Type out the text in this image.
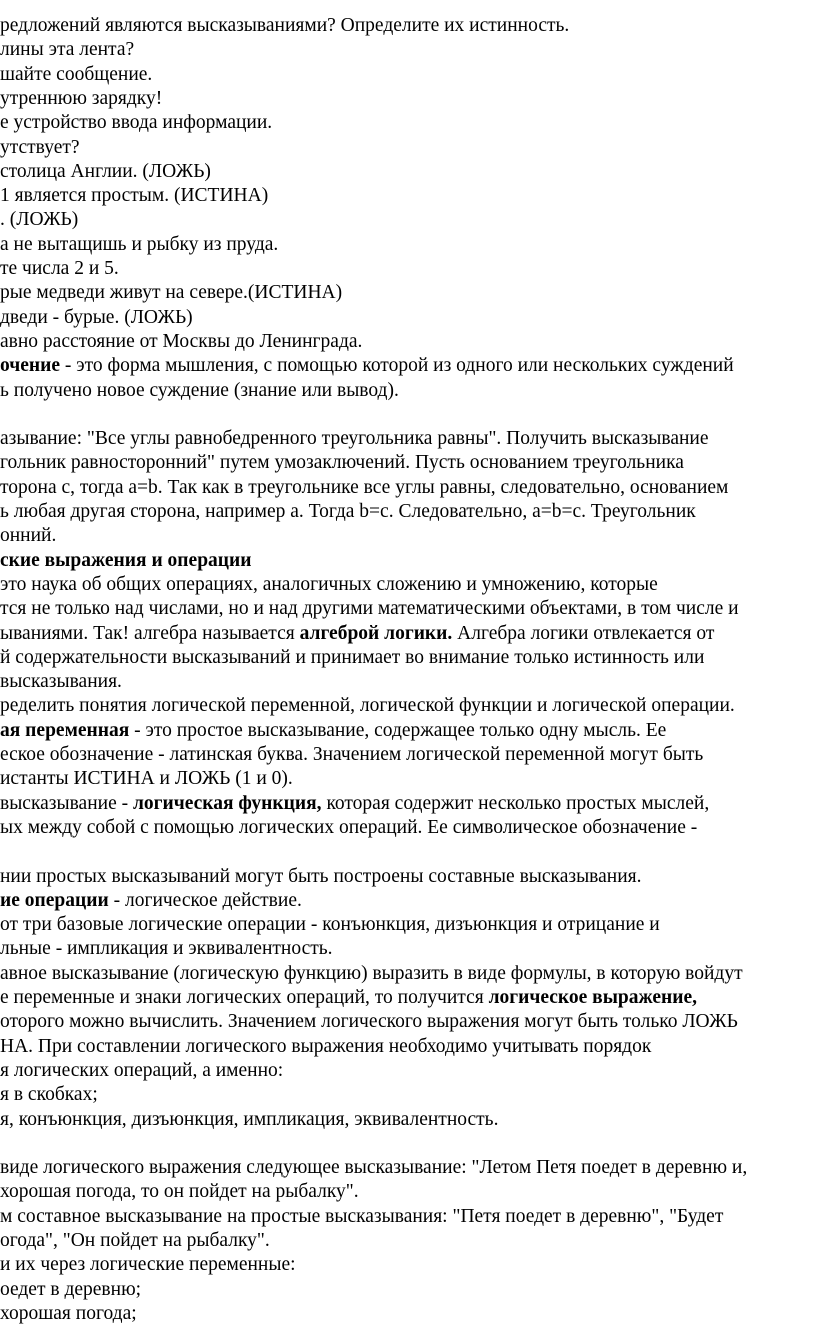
редложений являются высказываниями? Определите их истинность.
лины эта лента?
шайте сообщение.
утреннюю зарядку!
е устройство ввода информации.
утствует?
столица Англии. (ЛОЖЬ)
1 является простым. (ИСТИНА)
. (ЛОЖЬ)
а не вытащишь и рыбку из пруда.
те числа 2 и 5.
рые медведи живут на севере.(ИСТИНА)
дведи - бурые. (ЛОЖЬ)
авно расстояние от Москвы до Ленинграда.
очение - это форма мышления, с помощью которой из одного или нескольких суждений
ь получено новое суждение (знание или вывод).
азывание: "Все углы равнобедренного треугольника равны". Получить высказывание
гольник равносторонний" путем умозаключений. Пусть основанием треугольника
торона с, тогда а=b. Так как в треугольнике все углы равны, следовательно, основанием
ь любая другая сторона, например а. Тогда b=c. Следовательно, a=b=c. Треугольник
онний.
ские выражения и операции
это наука об общих операциях, аналогичных сложению и умножению, которые
тся не только над числами, но и над другими математическими объектами, в том числе и
ываниями. Так! алгебра называется алгеброй логики. Алгебра логики отвлекается от
й содержательности высказываний и принимает во внимание только истинность или
высказывания.
ределить понятия логической переменной, логической функции и логической операции.
ая переменная - это простое высказывание, содержащее только одну мысль. Ее
еское обозначение - латинская буква. Значением логической переменной могут быть
истанты ИСТИНА и ЛОЖЬ (1 и 0).
высказывание - логическая функция, которая содержит несколько простых мыслей,
ых между собой с помощью логических операций. Ее символическое обозначение -
нии простых высказываний могут быть построены составные высказывания.
ие операции - логическое действие.
от три базовые логические операции - конъюнкция, дизъюнкция и отрицание и
льные - импликация и эквивалентность.
авное высказывание (логическую функцию) выразить в виде формулы, в которую войдут
е переменные и знаки логических операций, то получится логическое выражение,
оторого можно вычислить. Значением логического выражения могут быть только ЛОЖЬ
НА. При составлении логического выражения необходимо учитывать порядок
я логических операций, а именно:
я в скобках;
я, конъюнкция, дизъюнкция, импликация, эквивалентность.
виде логического выражения следующее высказывание: "Летом Петя поедет в деревню и,
хорошая погода, то он пойдет на рыбалку".
м составное высказывание на простые высказывания: "Петя поедет в деревню", "Будет
огода", "Он пойдет на рыбалку".
и их через логические переменные:
оедет в деревню;
хорошая погода;
